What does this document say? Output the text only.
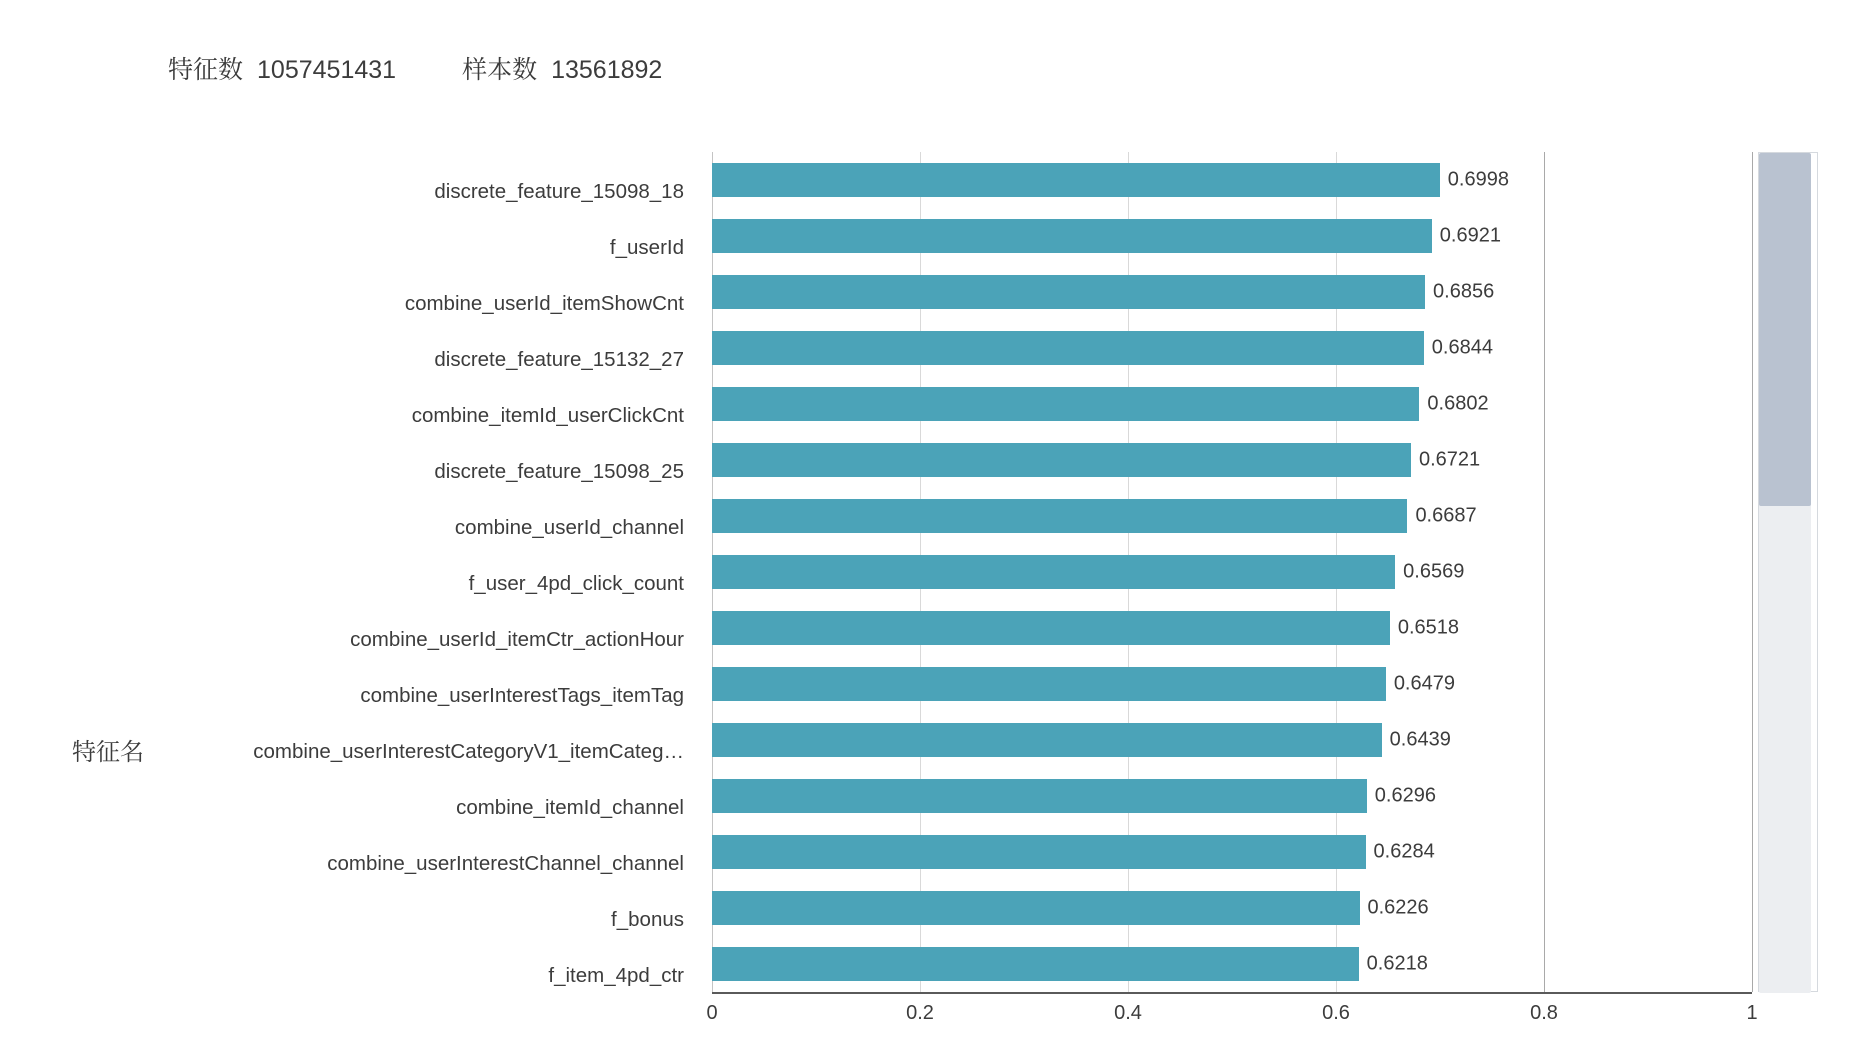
特征数 1057451431	样本数 13561892
特征名
discrete_feature_15098_18
f_userId
combine_userId_itemShowCnt
discrete_feature_15132_27
combine_itemId_userClickCnt
discrete_feature_15098_25
combine_userId_channel
f_user_4pd_click_count
combine_userId_itemCtr_actionHour
combine_userInterestTags_itemTag
combine_userInterestCategoryV1_itemCateg…
combine_itemId_channel
combine_userInterestChannel_channel
f_bonus
f_item_4pd_ctr
0.6998
0.6921
0.6856
0.6844
0.6802
0.6721
0.6687
0.6569
0.6518
0.6479
0.6439
0.6296
0.6284
0.6226
0.6218
0	0.2	0.4	0.6	0.8	1
